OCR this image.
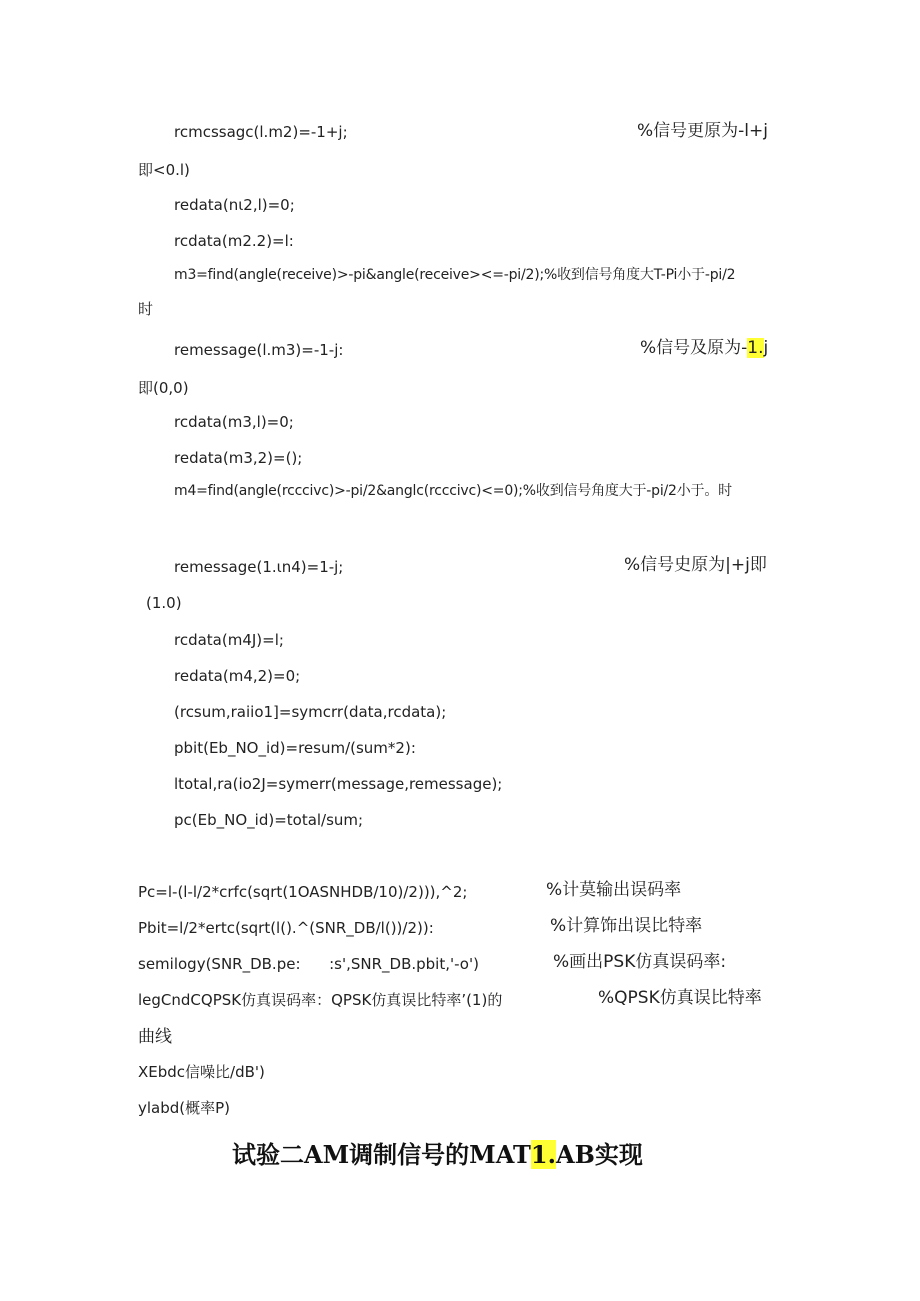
rcmcssagc(l.m2)=-1+j;	%信号更原为-l+j
即<0.l)
redata(nι2,l)=0;
rcdata(m2.2)=l:
m3=find(angle(receive)>-pi&angle(receive><=-pi/2);%收到信号角度大T-Pi小于-pi/2
时
remessage(l.m3)=-1-j:	%信号及原为-1.j
即(0,0)
rcdata(m3,l)=0;
redata(m3,2)=();
m4=find(angle(rcccivc)>-pi/2&anglc(rcccivc)<=0);%收到信号角度大于-pi/2小于。时
remessage(1.ιn4)=1-j;	%信号史原为|+j即
(1.0)
rcdata(m4J)=l;
redata(m4,2)=0;
(rcsum,raiio1]=symcrr(data,rcdata);
pbit(Eb_NO_id)=resum/(sum*2):
ltotal,ra(io2J=symerr(message,remessage);
pc(Eb_NO_id)=total/sum;
Pc=l-(l-l/2*crfc(sqrt(1OASNHDB/10)/2))),^2;	%计莫输出误码率
Pbit=l/2*ertc(sqrt(l().^(SNR_DB/l())/2)):	%计算饰出误比特率
semilogy(SNR_DB.pe:      :s',SNR_DB.pbit,'-o')	%画出PSK仿真误码率:
legCndCQPSK仿真误码率：QPSK仿真误比特率’(1)的	%QPSK仿真误比特率
曲线
XEbdc信噪比/dB')
ylabd(概率P)
试验二AM调制信号的MAT1.AB实现
